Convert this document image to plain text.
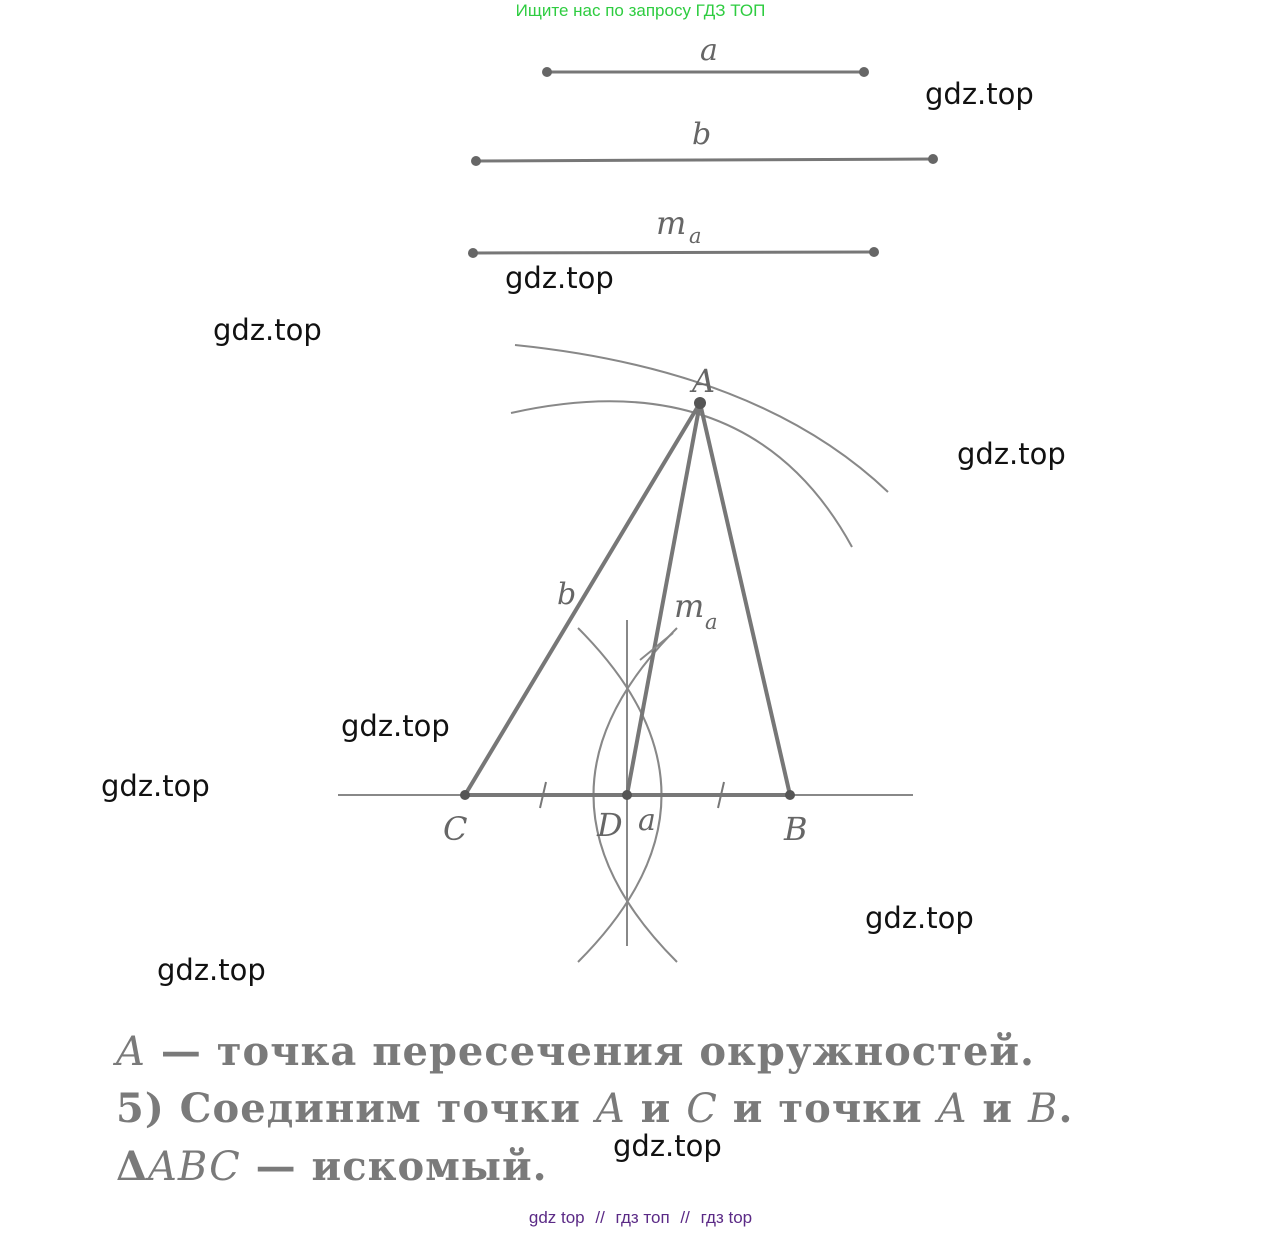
Ищите нас по запросу ГДЗ ТОП
a
b
m a
A
C	D a	B
b	m a
gdz.top
gdz.top
gdz.top
gdz.top
gdz.top
gdz.top
gdz.top
gdz.top
A — точка пересечения окружностей.
5) Соединим точки A и C и точки A и B.
ΔABC — искомый. gdz.top
gdz top // гдз топ // гдз top
